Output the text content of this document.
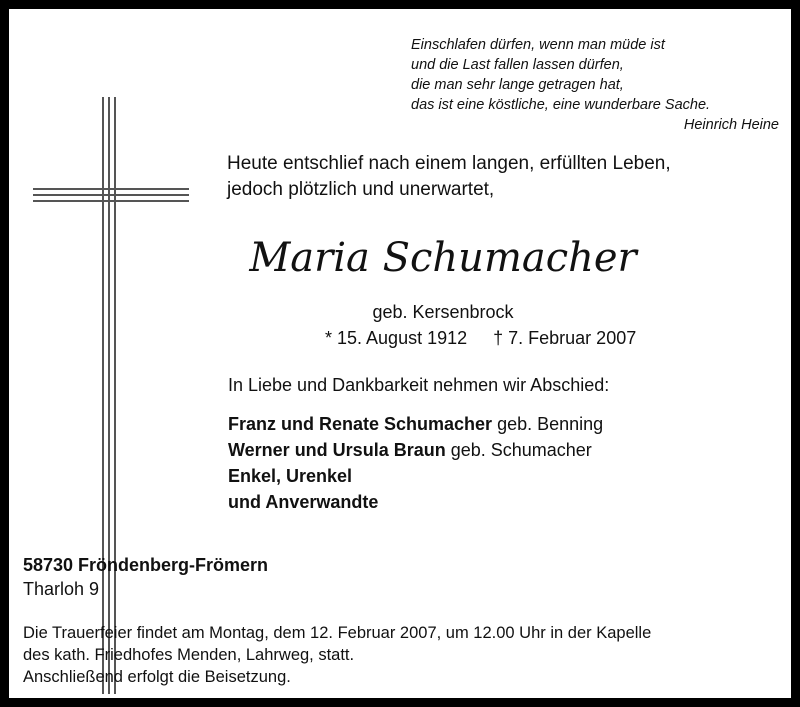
Einschlafen dürfen, wenn man müde ist
und die Last fallen lassen dürfen,
die man sehr lange getragen hat,
das ist eine köstliche, eine wunderbare Sache.
Heinrich Heine
Heute entschlief nach einem langen, erfüllten Leben,
jedoch plötzlich und unerwartet,
Maria Schumacher
geb. Kersenbrock
* 15. August 1912 † 7. Februar 2007
In Liebe und Dankbarkeit nehmen wir Abschied:
Franz und Renate Schumacher geb. Benning
Werner und Ursula Braun geb. Schumacher
Enkel, Urenkel
und Anverwandte
58730 Fröndenberg-Frömern
Tharloh 9
Die Trauerfeier findet am Montag, dem 12. Februar 2007, um 12.00 Uhr in der Kapelle
des kath. Friedhofes Menden, Lahrweg, statt.
Anschließend erfolgt die Beisetzung.
